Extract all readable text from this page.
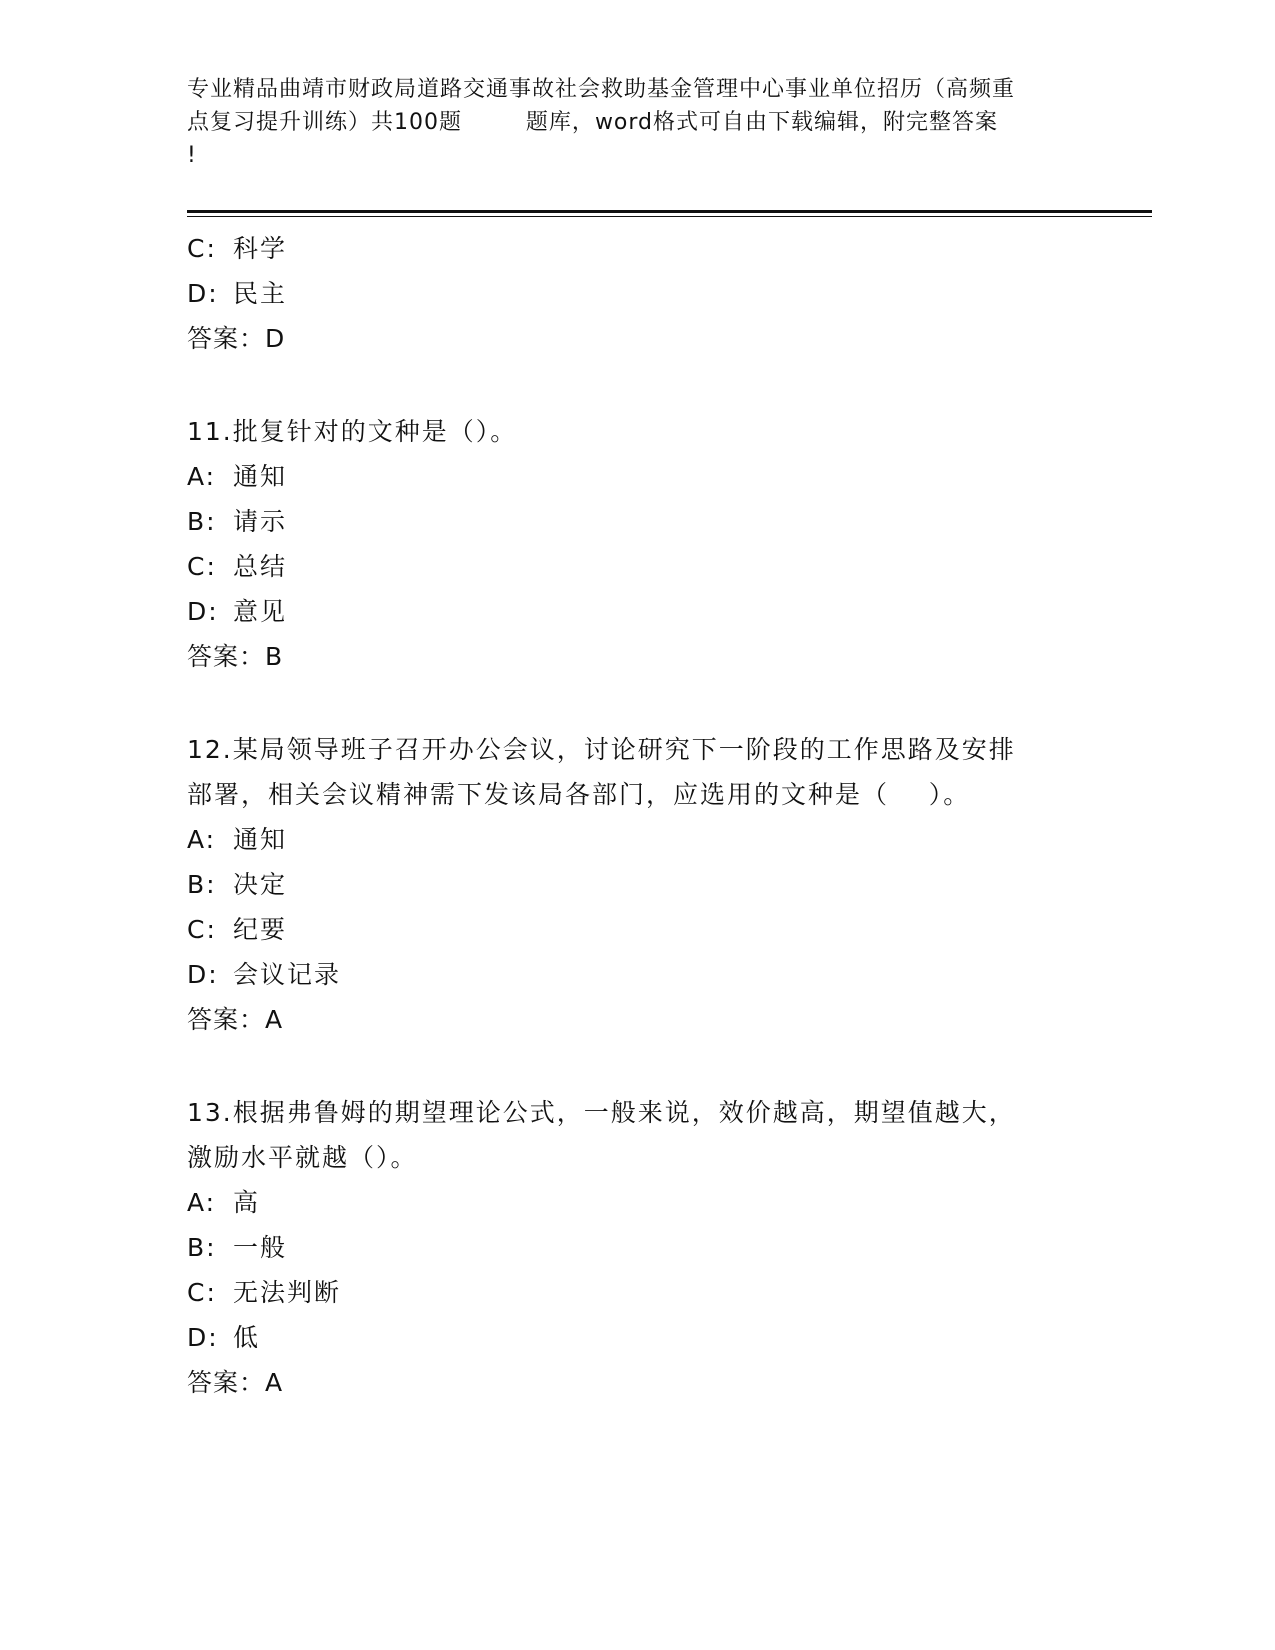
专业精品曲靖市财政局道路交通事故社会救助基金管理中心事业单位招历（高频重
点复习提升训练）共100题        题库，word格式可自由下载编辑，附完整答案
!
C: 科学
D: 民主
答案：D
11.批复针对的文种是（）。
A: 通知
B: 请示
C: 总结
D: 意见
答案：B
12.某局领导班子召开办公会议，讨论研究下一阶段的工作思路及安排
部署，相关会议精神需下发该局各部门，应选用的文种是（    ）。
A: 通知
B: 决定
C: 纪要
D: 会议记录
答案：A
13.根据弗鲁姆的期望理论公式，一般来说，效价越高，期望值越大，
激励水平就越（）。
A: 高
B: 一般
C: 无法判断
D: 低
答案：A
